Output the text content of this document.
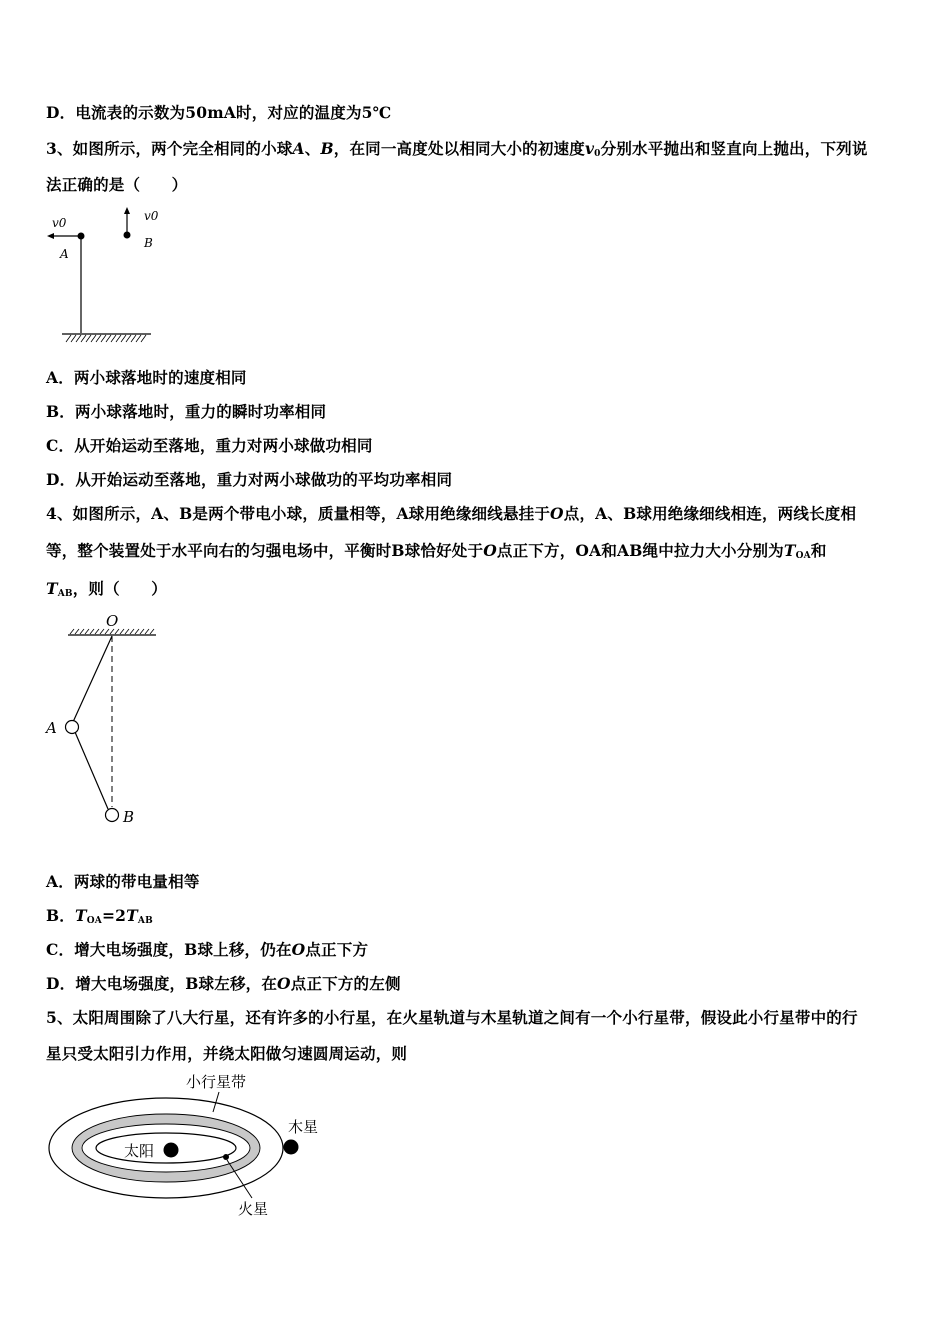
D．电流表的示数为50mA时，对应的温度为5℃
3、如图所示，两个完全相同的小球A、B，在同一高度处以相同大小的初速度$v_0$分别水平抛出和竖直向上抛出，下列说
法正确的是（　　）
v0
A
v0
B
A．两小球落地时的速度相同
B．两小球落地时，重力的瞬时功率相同
C．从开始运动至落地，重力对两小球做功相同
D．从开始运动至落地，重力对两小球做功的平均功率相同
4、如图所示，A、B是两个带电小球，质量相等，A球用绝缘细线悬挂于O点，A、B球用绝缘细线相连，两线长度相
等，整个装置处于水平向右的匀强电场中，平衡时B球恰好处于O点正下方，OA和AB绳中拉力大小分别为$T_{OA}$和
$T_{AB}$，则（　　）
O
A
B
A．两球的带电量相等
B．$T_{OA}=2T_{AB}$
C．增大电场强度，B球上移，仍在O点正下方
D．增大电场强度，B球左移，在O点正下方的左侧
5、太阳周围除了八大行星，还有许多的小行星，在火星轨道与木星轨道之间有一个小行星带，假设此小行星带中的行
星只受太阳引力作用，并绕太阳做匀速圆周运动，则
太阳
木星
火星
小行星带
